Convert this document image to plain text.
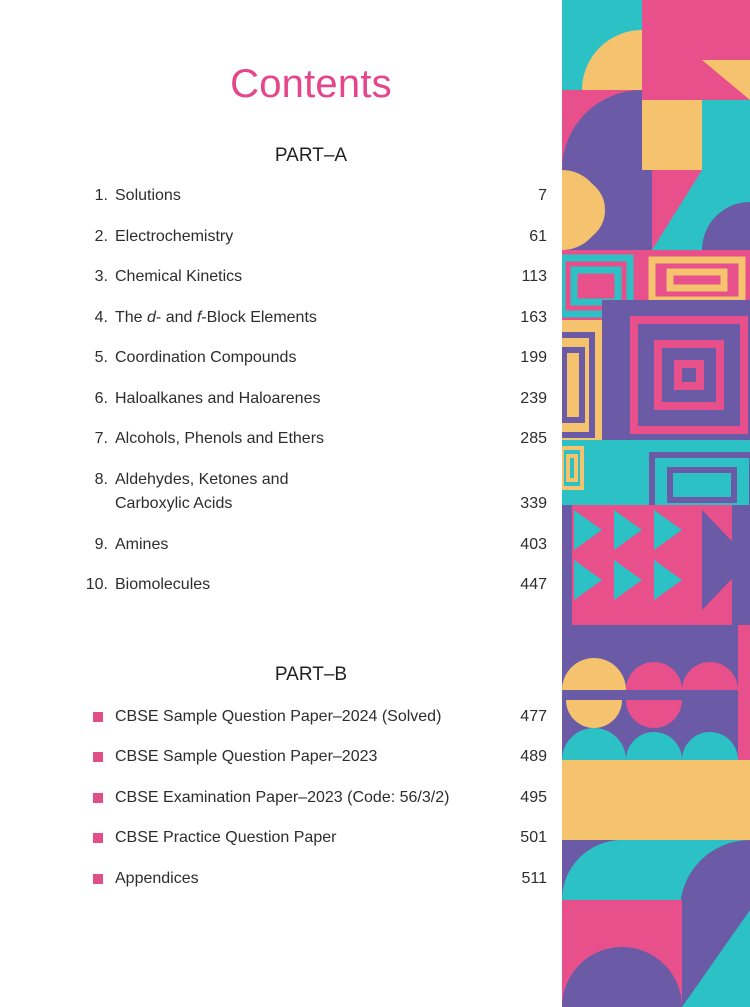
Contents
PART–A
1. Solutions	7
2. Electrochemistry	61
3. Chemical Kinetics	113
4. The d- and f-Block Elements	163
5. Coordination Compounds	199
6. Haloalkanes and Haloarenes	239
7. Alcohols, Phenols and Ethers	285
8. Aldehydes, Ketones and
Carboxylic Acids	339
9. Amines	403
10. Biomolecules	447
PART–B
CBSE Sample Question Paper–2024 (Solved)	477
CBSE Sample Question Paper–2023	489
CBSE Examination Paper–2023 (Code: 56/3/2)	495
CBSE Practice Question Paper	501
Appendices	511
